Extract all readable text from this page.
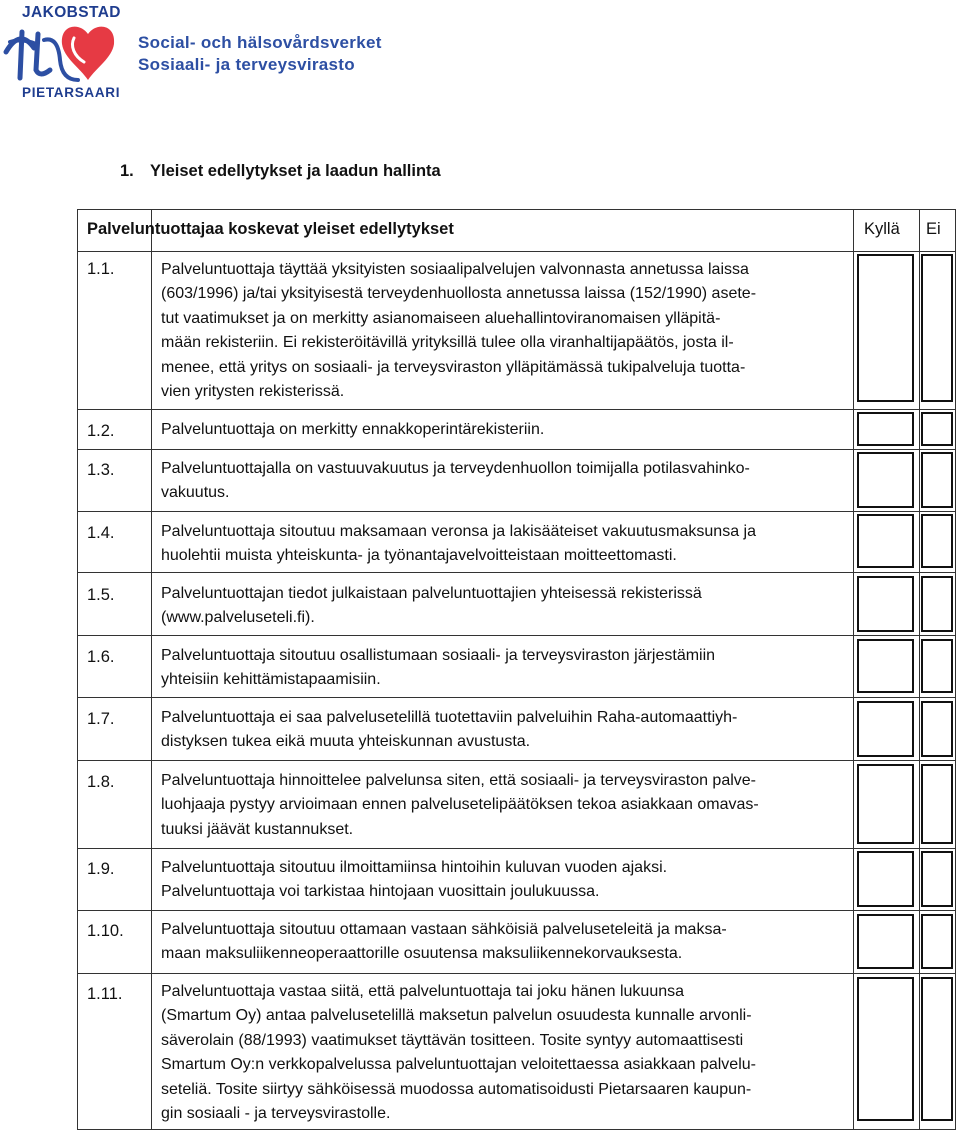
JAKOBSTAD
PIETARSAARI
Social- och hälsovårdsverket
Sosiaali- ja terveysvirasto
1. Yleiset edellytykset ja laadun hallinta
Palveluntuottajaa koskevat yleiset edellytykset	Kyllä Ei
1.1.	Palveluntuottaja täyttää yksityisten sosiaalipalvelujen valvonnasta annetussa laissa
(603/1996) ja/tai yksityisestä terveydenhuollosta annetussa laissa (152/1990) asete-
tut vaatimukset ja on merkitty asianomaiseen aluehallintoviranomaisen ylläpitä-
mään rekisteriin. Ei rekisteröitävillä yrityksillä tulee olla viranhaltijapäätös, josta il-
menee, että yritys on sosiaali- ja terveysviraston ylläpitämässä tukipalveluja tuotta-
vien yritysten rekisterissä.
1.2.	Palveluntuottaja on merkitty ennakkoperintärekisteriin.
1.3.	Palveluntuottajalla on vastuuvakuutus ja terveydenhuollon toimijalla potilasvahinko-
vakuutus.
1.4.	Palveluntuottaja sitoutuu maksamaan veronsa ja lakisääteiset vakuutusmaksunsa ja
huolehtii muista yhteiskunta- ja työnantajavelvoitteistaan moitteettomasti.
1.5.	Palveluntuottajan tiedot julkaistaan palveluntuottajien yhteisessä rekisterissä
(www.palveluseteli.fi).
1.6.	Palveluntuottaja sitoutuu osallistumaan sosiaali- ja terveysviraston järjestämiin
yhteisiin kehittämistapaamisiin.
1.7.	Palveluntuottaja ei saa palvelusetelillä tuotettaviin palveluihin Raha-automaattiyh-
distyksen tukea eikä muuta yhteiskunnan avustusta.
1.8.	Palveluntuottaja hinnoittelee palvelunsa siten, että sosiaali- ja terveysviraston palve-
luohjaaja pystyy arvioimaan ennen palvelusetelipäätöksen tekoa asiakkaan omavas-
tuuksi jäävät kustannukset.
1.9.	Palveluntuottaja sitoutuu ilmoittamiinsa hintoihin kuluvan vuoden ajaksi.
Palveluntuottaja voi tarkistaa hintojaan vuosittain joulukuussa.
1.10. Palveluntuottaja sitoutuu ottamaan vastaan sähköisiä palveluseteleitä ja maksa-
maan maksuliikenneoperaattorille osuutensa maksuliikennekorvauksesta.
1.11. Palveluntuottaja vastaa siitä, että palveluntuottaja tai joku hänen lukuunsa
(Smartum Oy) antaa palvelusetelillä maksetun palvelun osuudesta kunnalle arvonli-
säverolain (88/1993) vaatimukset täyttävän tositteen. Tosite syntyy automaattisesti
Smartum Oy:n verkkopalvelussa palveluntuottajan veloitettaessa asiakkaan palvelu-
seteliä. Tosite siirtyy sähköisessä muodossa automatisoidusti Pietarsaaren kaupun-
gin sosiaali - ja terveysvirastolle.
